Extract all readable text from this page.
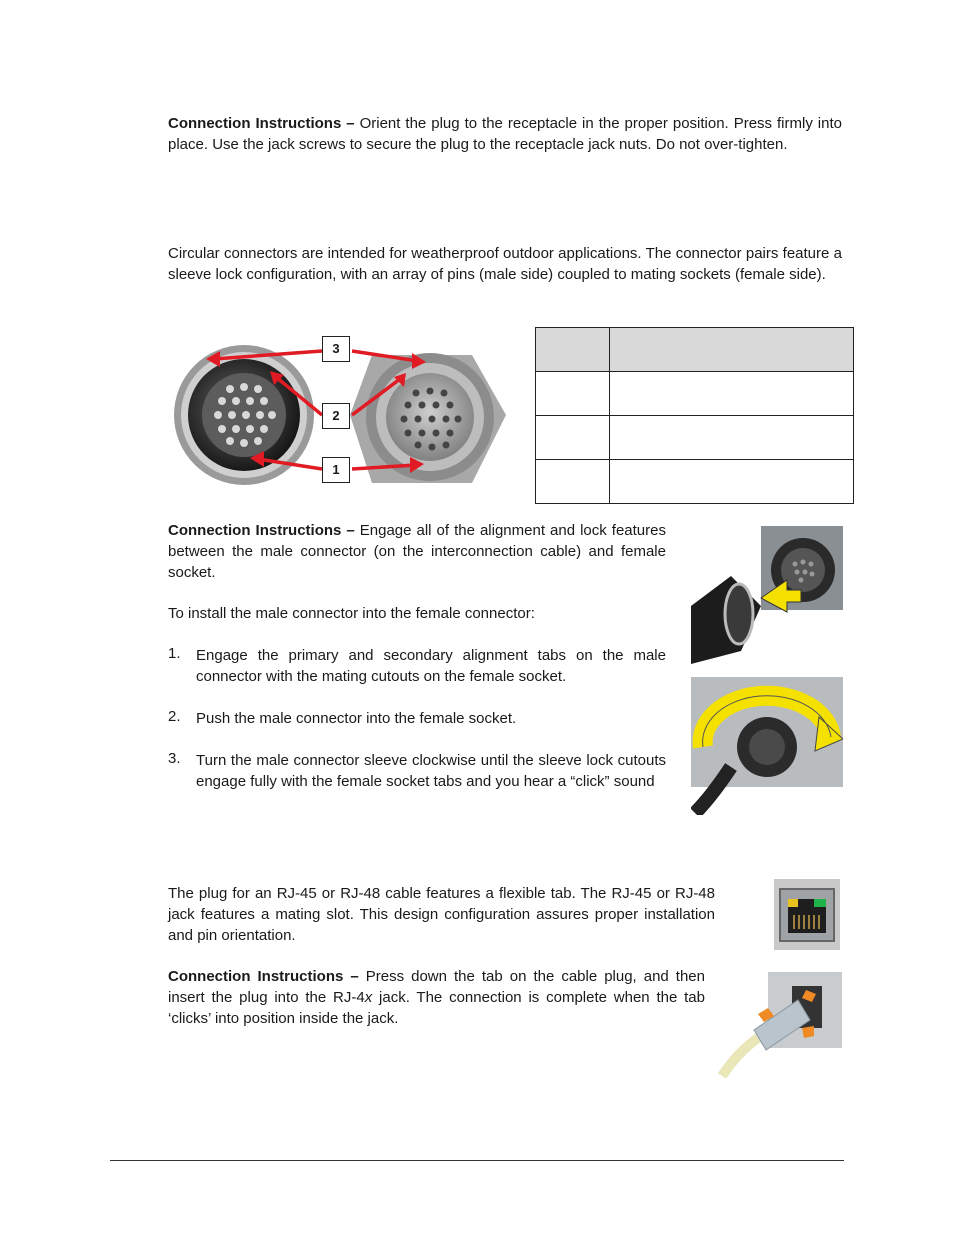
Connection Instructions – Orient the plug to the receptacle in the proper position. Press firmly into place. Use the jack screws to secure the plug to the receptacle jack nuts. Do not over-tighten.
Circular connectors are intended for weatherproof outdoor applications. The connector pairs feature a sleeve lock configuration, with an array of pins (male side) coupled to mating sockets (female side).
3
2
1

Connection Instructions – Engage all of the alignment and lock features between the male connector (on the interconnection cable) and female socket.
To install the male connector into the female connector:
1.	Engage the primary and secondary alignment tabs on the male connector with the mating cutouts on the female socket.
2.	Push the male connector into the female socket.
3.	Turn the male connector sleeve clockwise until the sleeve lock cutouts engage fully with the female socket tabs and you hear a “click” sound
The plug for an RJ-45 or RJ-48 cable features a flexible tab. The RJ-45 or RJ-48 jack features a mating slot. This design configuration assures proper installation and pin orientation.
Connection Instructions – Press down the tab on the cable plug, and then insert the plug into the RJ-4x jack. The connection is complete when the tab ‘clicks’ into position inside the jack.
